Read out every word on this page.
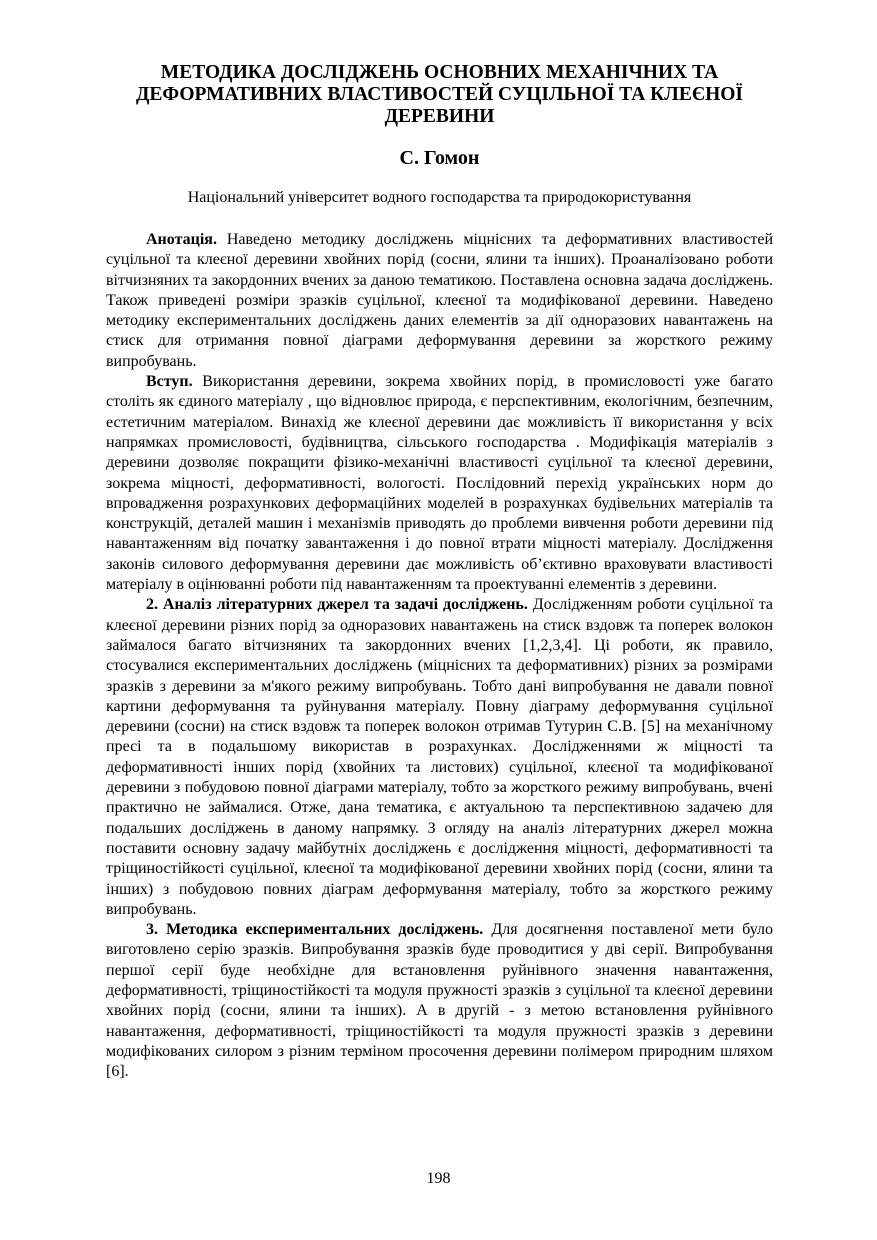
МЕТОДИКА ДОСЛІДЖЕНЬ ОСНОВНИХ МЕХАНІЧНИХ ТА
ДЕФОРМАТИВНИХ ВЛАСТИВОСТЕЙ СУЦІЛЬНОЇ ТА КЛЕЄНОЇ
ДЕРЕВИНИ

С. Гомон

Національний університет водного господарства та природокористування

Анотація. Наведено методику досліджень міцнісних та деформативних властивостей суцільної та клеєної деревини хвойних порід (сосни, ялини та інших). Проаналізовано роботи вітчизняних та закордонних вчених за даною тематикою. Поставлена основна задача досліджень. Також приведені розміри зразків суцільної, клеєної та модифікованої деревини. Наведено методику експериментальних досліджень даних елементів за дії одноразових навантажень на стиск для отримання повної діаграми деформування деревини за жорсткого режиму випробувань.

Вступ. Використання деревини, зокрема хвойних порід, в промисловості уже багато століть як єдиного матеріалу , що відновлює природа, є перспективним, екологічним, безпечним, естетичним матеріалом. Винахід же клеєної деревини дає можливість її використання у всіх напрямках промисловості, будівництва, сільського господарства . Модифікація матеріалів з деревини дозволяє покращити фізико-механічні властивості суцільної та клеєної деревини, зокрема міцності, деформативності, вологості. Послідовний перехід українських норм до впровадження розрахункових деформаційних моделей в розрахунках будівельних матеріалів та конструкцій, деталей машин і механізмів приводять до проблеми вивчення роботи деревини під навантаженням від початку завантаження і до повної втрати міцності матеріалу. Дослідження законів силового деформування деревини дає можливість об’єктивно враховувати властивості матеріалу в оцінюванні роботи під навантаженням та проектуванні елементів з деревини.

2. Аналіз літературних джерел та задачі досліджень. Дослідженням роботи суцільної та клеєної деревини різних порід за одноразових навантажень на стиск вздовж та поперек волокон займалося багато вітчизняних та закордонних вчених [1,2,3,4]. Ці роботи, як правило, стосувалися експериментальних досліджень (міцнісних та деформативних) різних за розмірами зразків з деревини за м'якого режиму випробувань. Тобто дані випробування не давали повної картини деформування та руйнування матеріалу. Повну діаграму деформування суцільної деревини (сосни) на стиск вздовж та поперек волокон отримав Тутурин С.В. [5] на механічному пресі та в подальшому використав в розрахунках. Дослідженнями ж міцності та деформативності інших порід (хвойних та листових) суцільної, клеєної та модифікованої деревини з побудовою повної діаграми матеріалу, тобто за жорсткого режиму випробувань, вчені практично не займалися. Отже, дана тематика, є актуальною та перспективною задачею для подальших досліджень в даному напрямку. З огляду на аналіз літературних джерел можна поставити основну задачу майбутніх досліджень є дослідження міцності, деформативності та тріщиностійкості суцільної, клеєної та модифікованої деревини хвойних порід (сосни, ялини та інших) з побудовою повних діаграм деформування матеріалу, тобто за жорсткого режиму випробувань.

3. Методика експериментальних досліджень. Для досягнення поставленої мети було виготовлено серію зразків. Випробування зразків буде проводитися у дві серії. Випробування першої серії буде необхідне для встановлення руйнівного значення навантаження, деформативності, тріщиностійкості та модуля пружності зразків з суцільної та клеєної деревини хвойних порід (сосни, ялини та інших). А в другій - з метою встановлення руйнівного навантаження, деформативності, тріщиностійкості та модуля пружності зразків з деревини модифікованих силором з різним терміном просочення деревини полімером природним шляхом [6].

198
